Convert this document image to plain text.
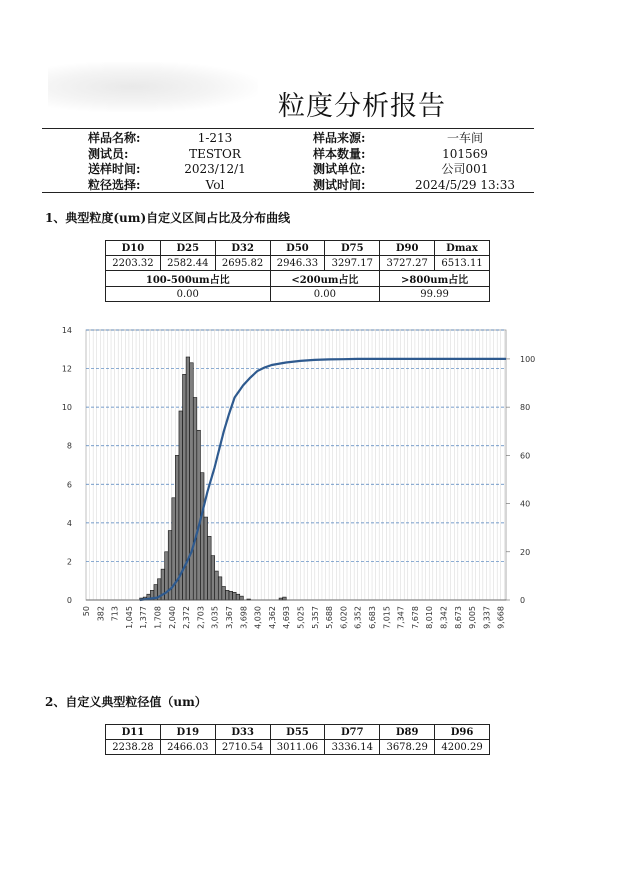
粒度分析报告
样品名称:	1-213
测试员:	TESTOR
送样时间:	2023/12/1
粒径选择:	Vol
样品来源:	一车间
样本数量:	101569
测试单位:	公司001
测试时间:	2024/5/29 13:33
1、典型粒度(um)自定义区间占比及分布曲线
D10	D25	D32	D50	D75	D90	Dmax
2203.32	2582.44	2695.82	2946.33	3297.17	3727.27	6513.11
100-500um占比			<200um占比		>800um占比	
0.00			0.00		99.99	
0
2
4
6
8
10
12
14
0
20
40
60
80
100
50 382 713 1,045 1,377 1,708 2,040 2,372 2,703 3,035 3,367 3,698 4,030 4,362 4,693 5,025 5,357 5,688 6,020 6,352 6,683 7,015 7,347 7,678 8,010 8,342 8,673 9,005 9,337 9,668
2、自定义典型粒径值（um）
D11	D19	D33	D55	D77	D89	D96
2238.28	2466.03	2710.54	3011.06	3336.14	3678.29	4200.29
